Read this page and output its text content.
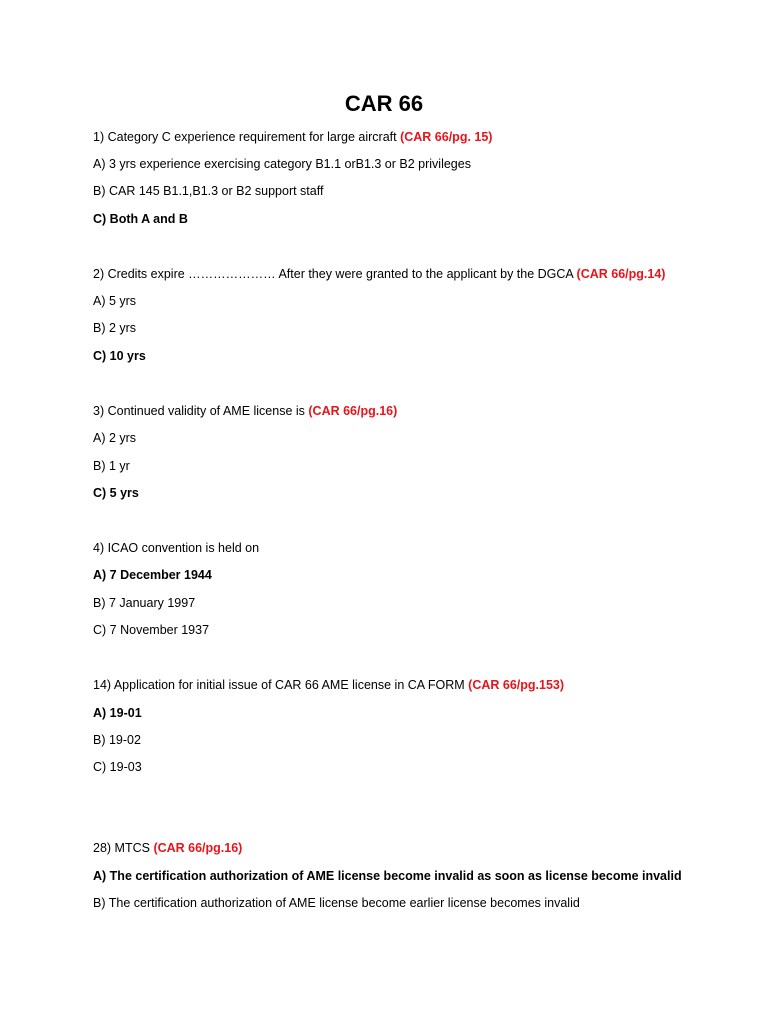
CAR 66
1) Category C experience requirement for large aircraft (CAR 66/pg. 15)
A) 3 yrs experience exercising category B1.1 orB1.3 or B2 privileges
B) CAR 145 B1.1,B1.3 or B2 support staff
C) Both A and B
2) Credits expire ………………… After they were granted to the applicant by the DGCA (CAR 66/pg.14)
A) 5 yrs
B) 2 yrs
C) 10 yrs
3) Continued validity of AME license is (CAR 66/pg.16)
A) 2 yrs
B) 1 yr
C) 5 yrs
4) ICAO convention is held on
A) 7 December 1944
B) 7 January 1997
C) 7 November 1937
14) Application for initial issue of CAR 66 AME license in CA FORM (CAR 66/pg.153)
A) 19-01
B) 19-02
C) 19-03
28) MTCS (CAR 66/pg.16)
A) The certification authorization of AME license become invalid as soon as license become invalid
B) The certification authorization of AME license become earlier license becomes invalid
